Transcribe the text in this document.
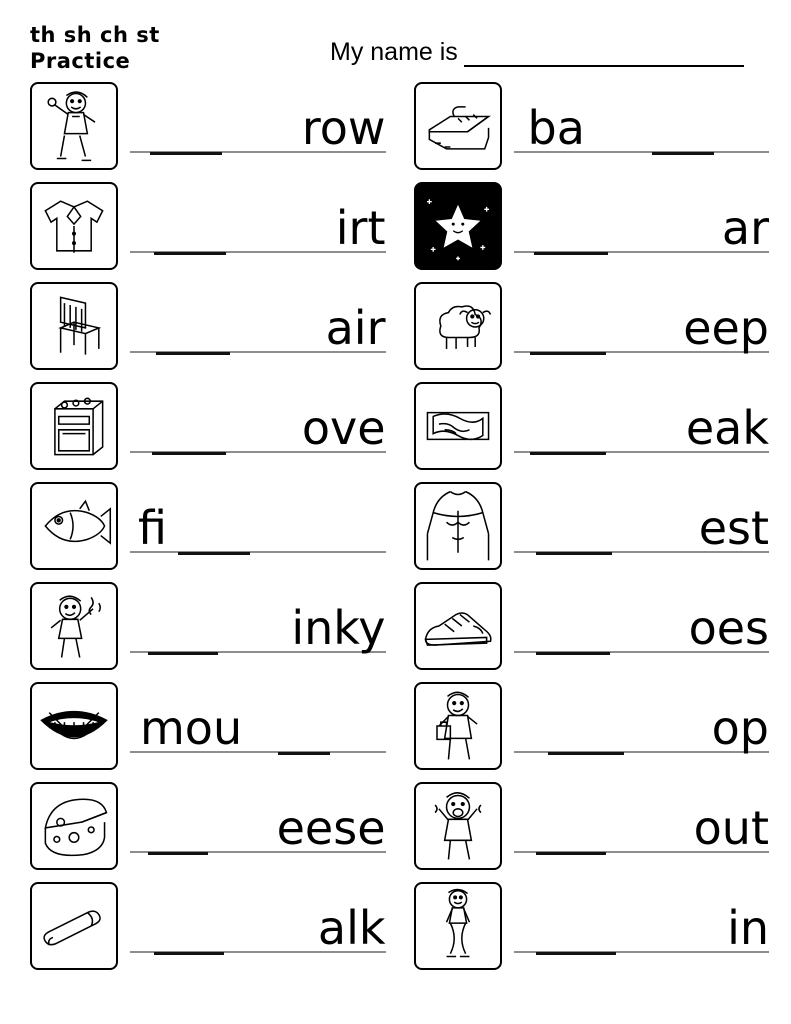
th sh ch st
Practice	My name is
row
irt
air
ove
fi
inky
mou
eese
alk
ba
ar
eep
eak
est
oes
op
out
in
